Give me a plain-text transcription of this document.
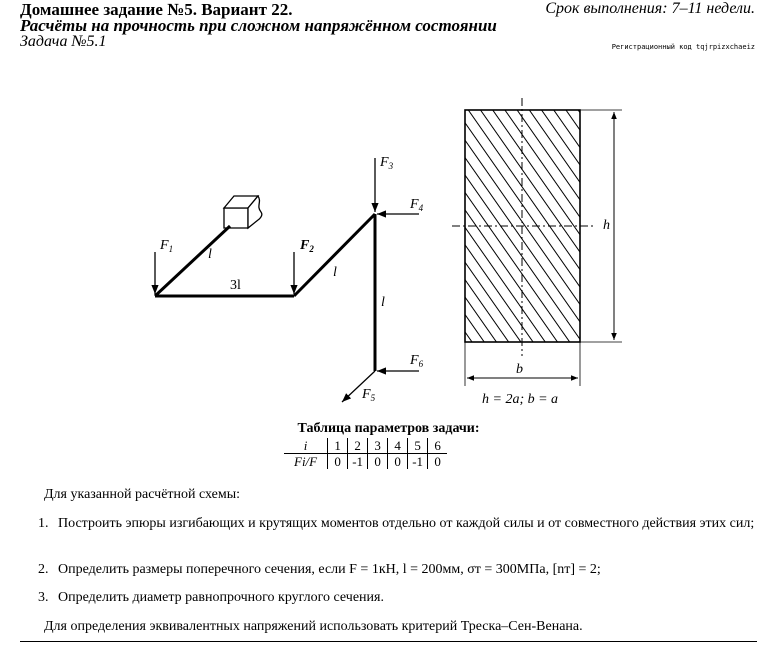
Домашнее задание №5. Вариант 22.
Расчёты на прочность при сложном напряжённом состоянии
Задача №5.1
Срок выполнения: 7–11 недели.
Регистрационный код tqjrpizxchaeiz
$F_1$	$F_2$
$F_3$
$F_4$
$F_6$
$F_5$
l
3l
l
l
h
b
h = 2a; b = a
Таблица параметров задачи:
i	1	2	3	4	5	6
Fi/F	0	-1	0	0	-1	0
Для указанной расчётной схемы:
1. Построить эпюры изгибающих и крутящих моментов отдельно от каждой силы и от совместного действия этих сил;
2. Определить размеры поперечного сечения, если F = 1кН, l = 200мм, σт = 300МПа, [nт] = 2;
3. Определить диаметр равнопрочного круглого сечения.
Для определения эквивалентных напряжений использовать критерий Треска–Сен-Венана.
